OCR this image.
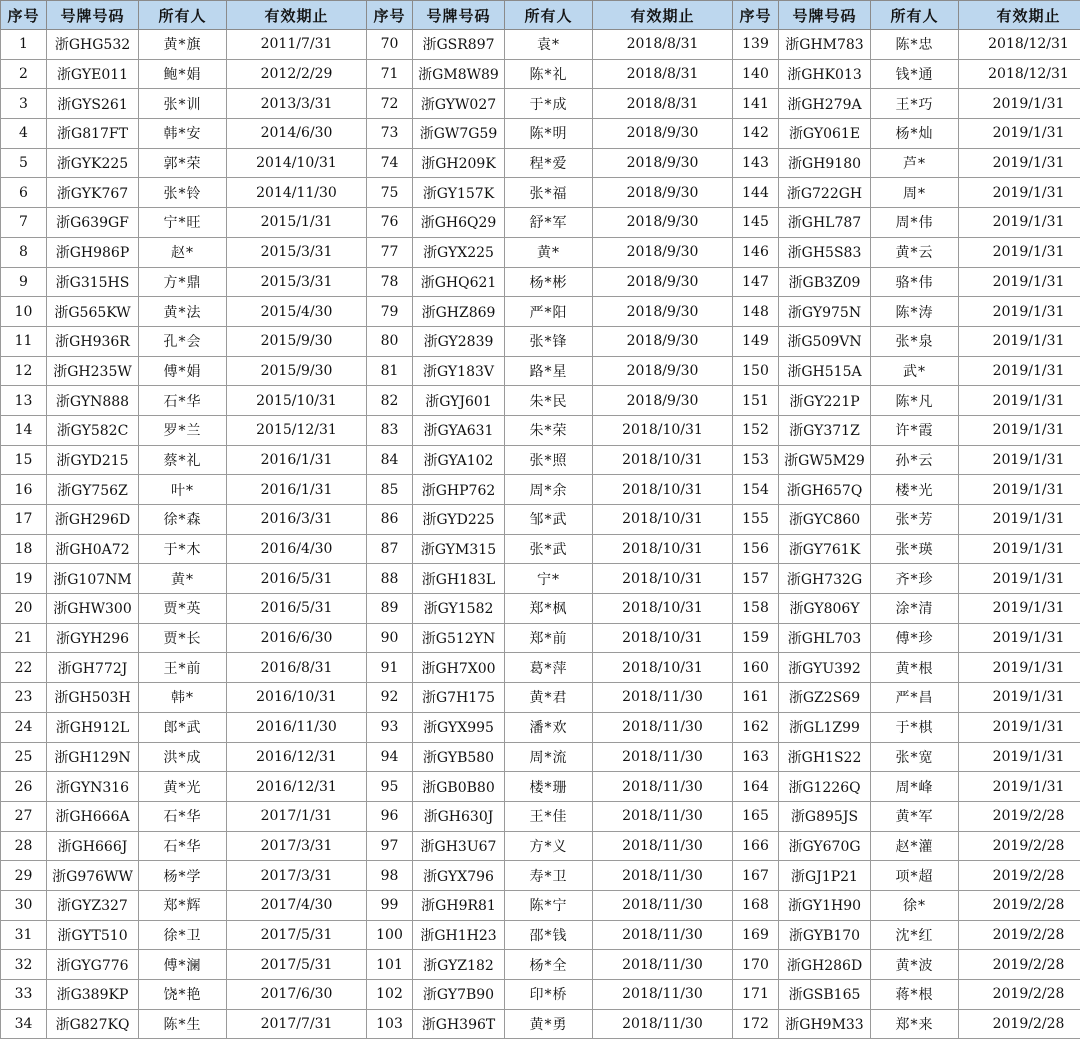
序号	号牌号码	所有人	有效期止	序号	号牌号码	所有人	有效期止	序号	号牌号码	所有人	有效期止
1	浙GHG532	黄*旗	2011/7/31	70	浙GSR897	袁*	2018/8/31	139	浙GHM783	陈*忠	2018/12/31
2	浙GYE011	鲍*娟	2012/2/29	71	浙GM8W89	陈*礼	2018/8/31	140	浙GHK013	钱*通	2018/12/31
3	浙GYS261	张*训	2013/3/31	72	浙GYW027	于*成	2018/8/31	141	浙GH279A	王*巧	2019/1/31
4	浙G817FT	韩*安	2014/6/30	73	浙GW7G59	陈*明	2018/9/30	142	浙GY061E	杨*灿	2019/1/31
5	浙GYK225	郭*荣	2014/10/31	74	浙GH209K	程*爱	2018/9/30	143	浙GH9180	芦*	2019/1/31
6	浙GYK767	张*铃	2014/11/30	75	浙GY157K	张*福	2018/9/30	144	浙G722GH	周*	2019/1/31
7	浙G639GF	宁*旺	2015/1/31	76	浙GH6Q29	舒*军	2018/9/30	145	浙GHL787	周*伟	2019/1/31
8	浙GH986P	赵*	2015/3/31	77	浙GYX225	黄*	2018/9/30	146	浙GH5S83	黄*云	2019/1/31
9	浙G315HS	方*鼎	2015/3/31	78	浙GHQ621	杨*彬	2018/9/30	147	浙GB3Z09	骆*伟	2019/1/31
10	浙G565KW	黄*法	2015/4/30	79	浙GHZ869	严*阳	2018/9/30	148	浙GY975N	陈*涛	2019/1/31
11	浙GH936R	孔*会	2015/9/30	80	浙GY2839	张*锋	2018/9/30	149	浙G509VN	张*泉	2019/1/31
12	浙GH235W	傅*娟	2015/9/30	81	浙GY183V	路*星	2018/9/30	150	浙GH515A	武*	2019/1/31
13	浙GYN888	石*华	2015/10/31	82	浙GYJ601	朱*民	2018/9/30	151	浙GY221P	陈*凡	2019/1/31
14	浙GY582C	罗*兰	2015/12/31	83	浙GYA631	朱*荣	2018/10/31	152	浙GY371Z	许*霞	2019/1/31
15	浙GYD215	蔡*礼	2016/1/31	84	浙GYA102	张*照	2018/10/31	153	浙GW5M29	孙*云	2019/1/31
16	浙GY756Z	叶*	2016/1/31	85	浙GHP762	周*余	2018/10/31	154	浙GH657Q	楼*光	2019/1/31
17	浙GH296D	徐*森	2016/3/31	86	浙GYD225	邹*武	2018/10/31	155	浙GYC860	张*芳	2019/1/31
18	浙GH0A72	于*木	2016/4/30	87	浙GYM315	张*武	2018/10/31	156	浙GY761K	张*瑛	2019/1/31
19	浙G107NM	黄*	2016/5/31	88	浙GH183L	宁*	2018/10/31	157	浙GH732G	齐*珍	2019/1/31
20	浙GHW300	贾*英	2016/5/31	89	浙GY1582	郑*枫	2018/10/31	158	浙GY806Y	涂*清	2019/1/31
21	浙GYH296	贾*长	2016/6/30	90	浙G512YN	郑*前	2018/10/31	159	浙GHL703	傅*珍	2019/1/31
22	浙GH772J	王*前	2016/8/31	91	浙GH7X00	葛*萍	2018/10/31	160	浙GYU392	黄*根	2019/1/31
23	浙GH503H	韩*	2016/10/31	92	浙G7H175	黄*君	2018/11/30	161	浙GZ2S69	严*昌	2019/1/31
24	浙GH912L	郎*武	2016/11/30	93	浙GYX995	潘*欢	2018/11/30	162	浙GL1Z99	于*棋	2019/1/31
25	浙GH129N	洪*成	2016/12/31	94	浙GYB580	周*流	2018/11/30	163	浙GH1S22	张*宽	2019/1/31
26	浙GYN316	黄*光	2016/12/31	95	浙GB0B80	楼*珊	2018/11/30	164	浙G1226Q	周*峰	2019/1/31
27	浙GH666A	石*华	2017/1/31	96	浙GH630J	王*佳	2018/11/30	165	浙G895JS	黄*军	2019/2/28
28	浙GH666J	石*华	2017/3/31	97	浙GH3U67	方*义	2018/11/30	166	浙GY670G	赵*灌	2019/2/28
29	浙G976WW	杨*学	2017/3/31	98	浙GYX796	寿*卫	2018/11/30	167	浙GJ1P21	项*超	2019/2/28
30	浙GYZ327	郑*辉	2017/4/30	99	浙GH9R81	陈*宁	2018/11/30	168	浙GY1H90	徐*	2019/2/28
31	浙GYT510	徐*卫	2017/5/31	100	浙GH1H23	邵*钱	2018/11/30	169	浙GYB170	沈*红	2019/2/28
32	浙GYG776	傅*澜	2017/5/31	101	浙GYZ182	杨*全	2018/11/30	170	浙GH286D	黄*波	2019/2/28
33	浙G389KP	饶*艳	2017/6/30	102	浙GY7B90	印*桥	2018/11/30	171	浙GSB165	蒋*根	2019/2/28
34	浙G827KQ	陈*生	2017/7/31	103	浙GH396T	黄*勇	2018/11/30	172	浙GH9M33	郑*来	2019/2/28
